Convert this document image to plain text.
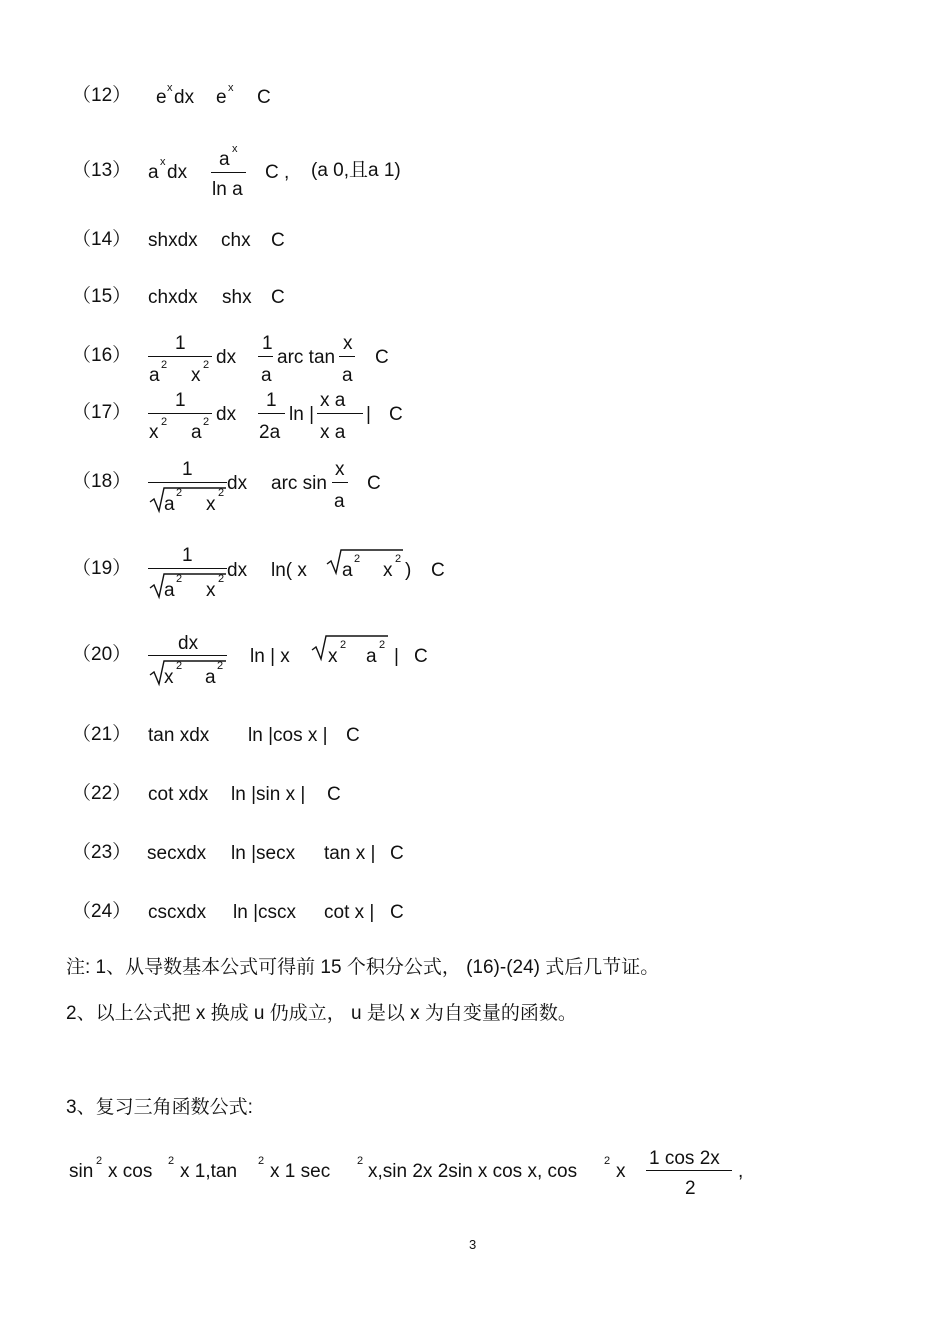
（12） e x dx e x C
（13） a x dx
a x
ln a
C , (a 0,且a 1)
（14） shxdx chx C
（15） chxdx shx C
（16）
1
a 2 x 2 dx
1
a
arc tan
x
a
C
（17）
1
x 2 a 2 dx
1
2a
ln |
x a
x a
| C
（18）
1
a
2
x
2 dx arc sin
x
a
C
（19）
1
a
2
x
2 dx ln( x a
2
x
2
) C
（20）
dx
x
2
a
2 ln | x x
2
a
2
| C
（21） tan xdx ln |cos x | C
（22） cot xdx ln |sin x | C
（23） secxdx ln |secx tan x | C
（24） cscxdx ln |cscx cot x | C
注: 1、从导数基本公式可得前 15 个积分公式， (16)-(24) 式后几节证。
2、以上公式把 x 换成 u 仍成立， u 是以 x 为自变量的函数。
3、复习三角函数公式:
sin 2 x cos 2 x 1,tan 2 x 1 sec 2 x,sin 2x 2sin x cos x, cos 2 x
1 cos 2x
2
,
3
